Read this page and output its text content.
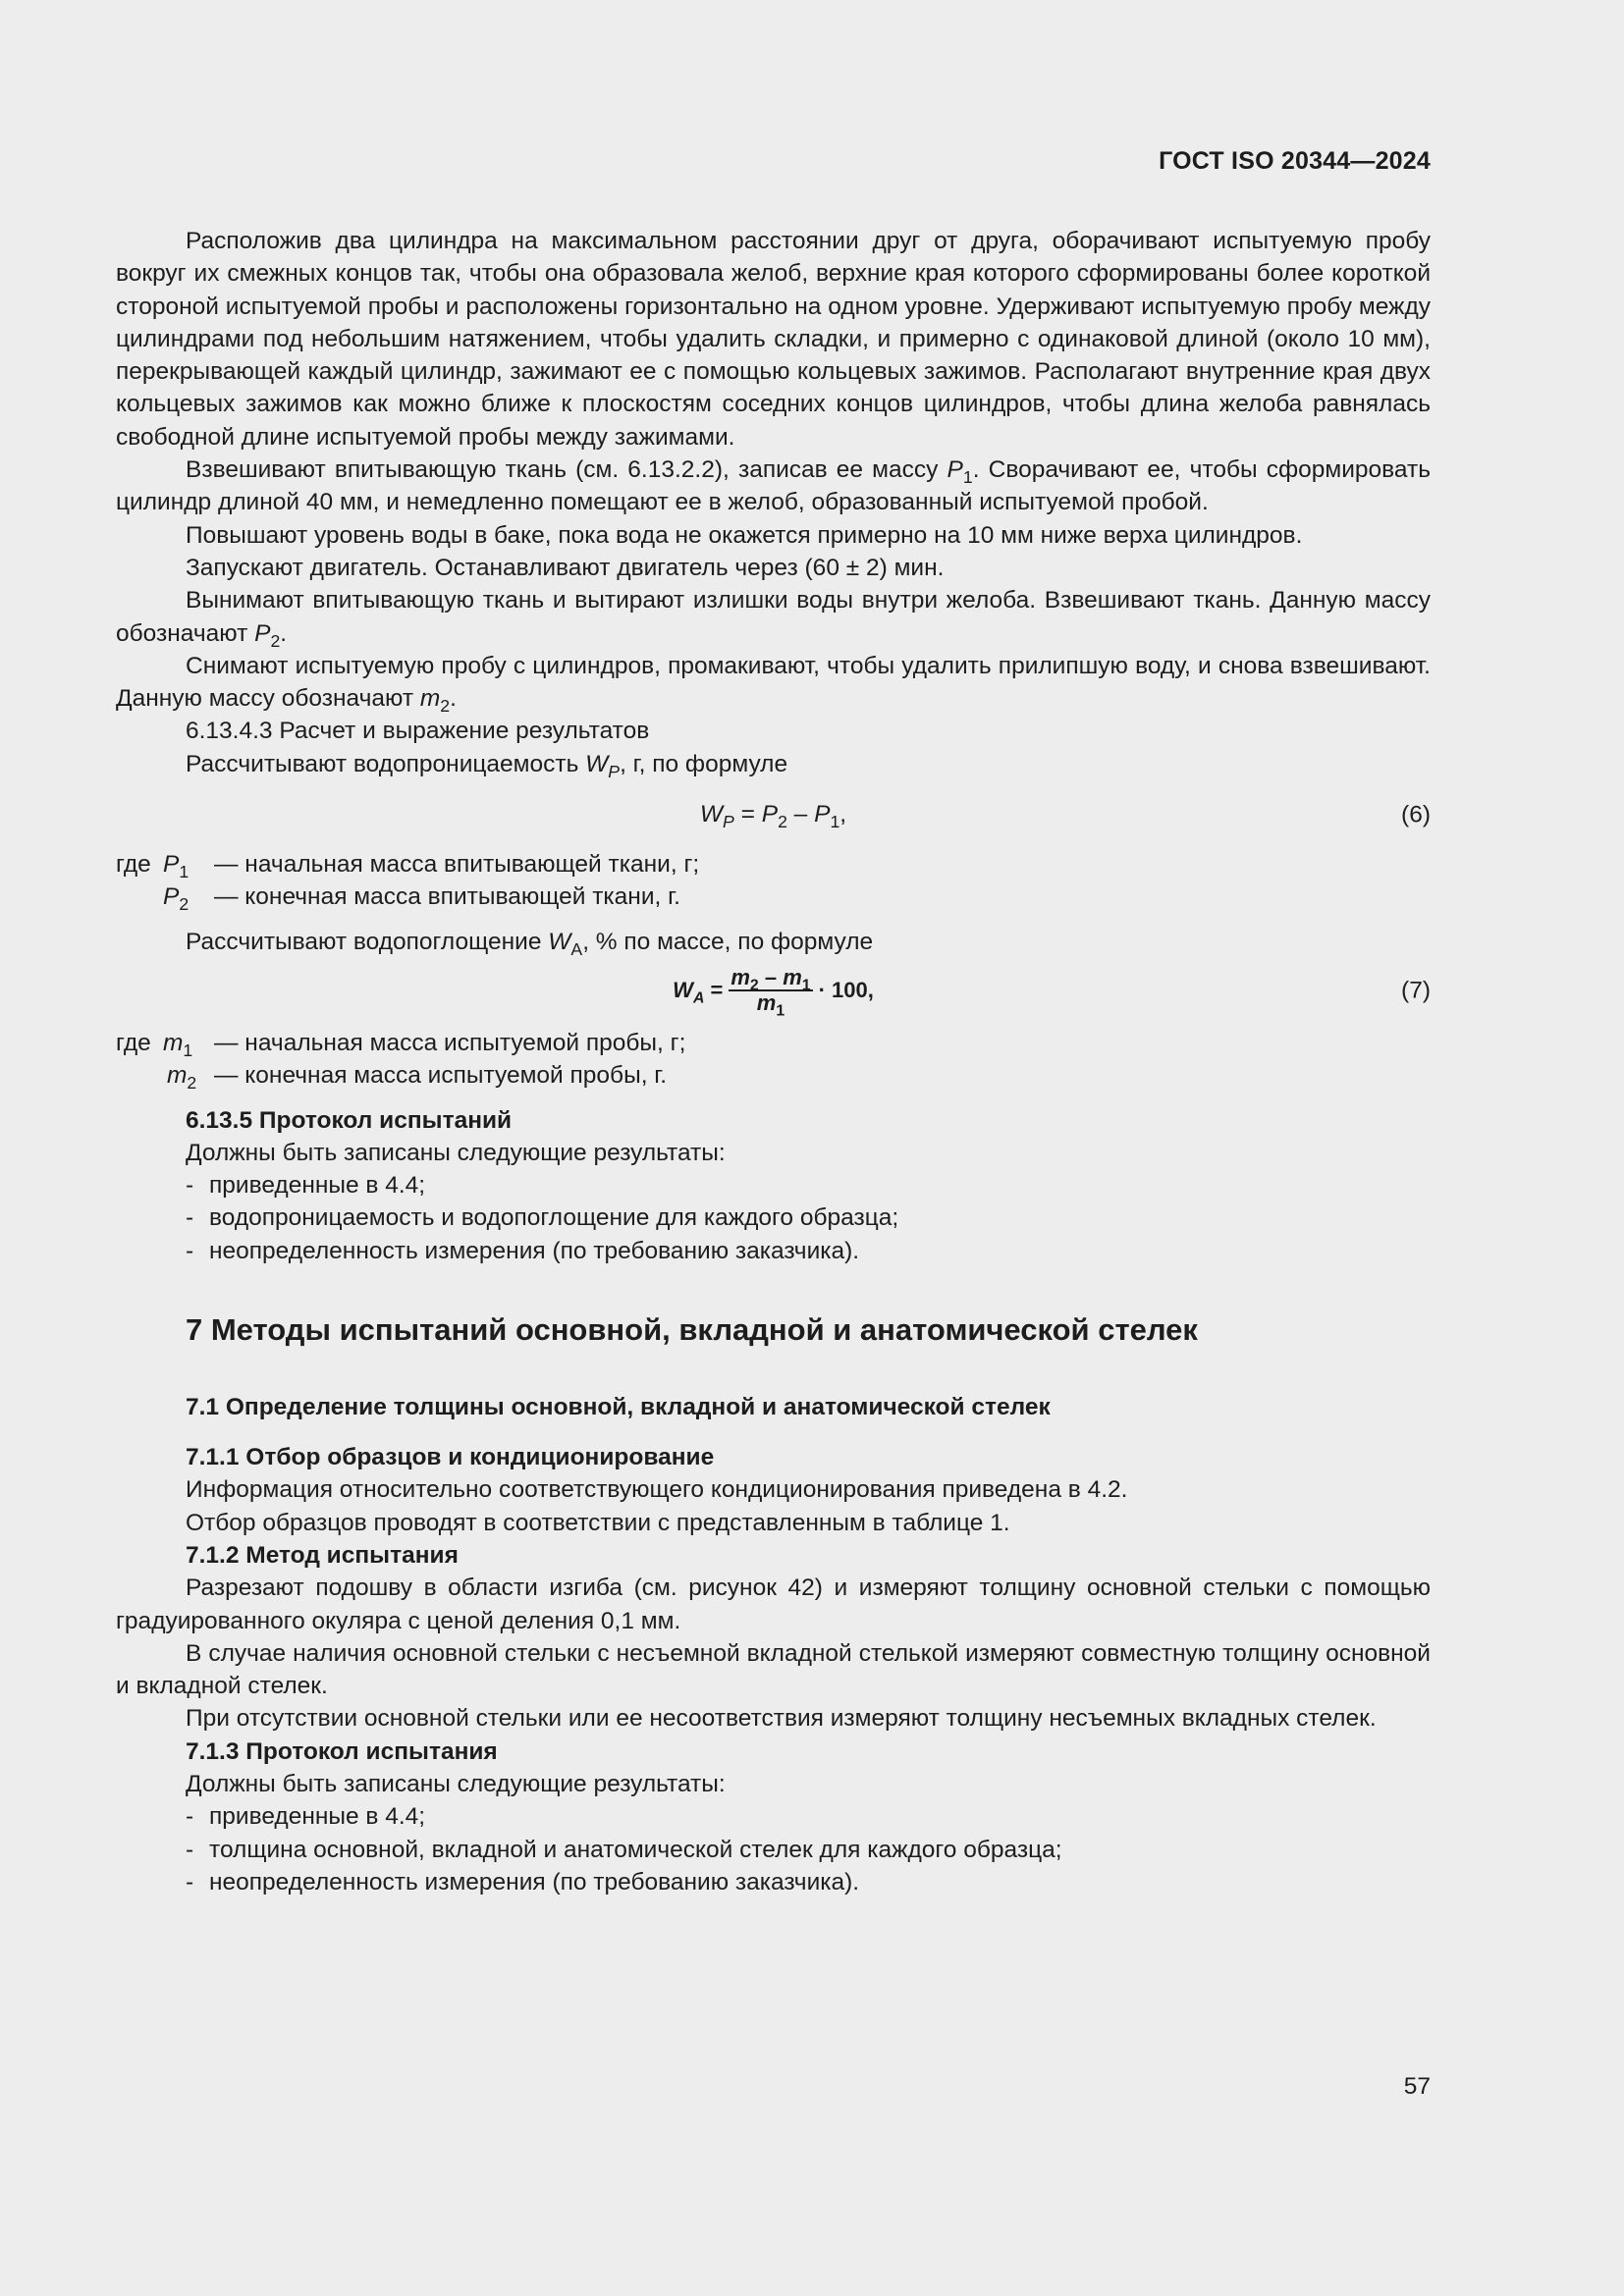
ГОСТ ISO 20344—2024

Расположив два цилиндра на максимальном расстоянии друг от друга, оборачивают испытуемую пробу вокруг их смежных концов так, чтобы она образовала желоб, верхние края которого сформированы более короткой стороной испытуемой пробы и расположены горизонтально на одном уровне. Удерживают испытуемую пробу между цилиндрами под небольшим натяжением, чтобы удалить складки, и примерно с одинаковой длиной (около 10 мм), перекрывающей каждый цилиндр, зажимают ее с помощью кольцевых зажимов. Располагают внутренние края двух кольцевых зажимов как можно ближе к плоскостям соседних концов цилиндров, чтобы длина желоба равнялась свободной длине испытуемой пробы между зажимами.

Взвешивают впитывающую ткань (см. 6.13.2.2), записав ее массу $P_1$. Сворачивают ее, чтобы сформировать цилиндр длиной 40 мм, и немедленно помещают ее в желоб, образованный испытуемой пробой.

Повышают уровень воды в баке, пока вода не окажется примерно на 10 мм ниже верха цилиндров.

Запускают двигатель. Останавливают двигатель через (60 ± 2) мин.

Вынимают впитывающую ткань и вытирают излишки воды внутри желоба. Взвешивают ткань. Данную массу обозначают $P_2$.

Снимают испытуемую пробу с цилиндров, промакивают, чтобы удалить прилипшую воду, и снова взвешивают. Данную массу обозначают $m_2$.

6.13.4.3 Расчет и выражение результатов

Рассчитывают водопроницаемость $W_P$, г, по формуле

$W_P = P_2 - P_1$,	(6)
где $P_1$	— начальная масса впитывающей ткани, г;
$P_2$	— конечная масса впитывающей ткани, г.

Рассчитывают водопоглощение $W_A$, % по массе, по формуле

$W_A = \frac{m_2 - m_1}{m_1} \cdot 100$,	(7)
где $m_1$ — начальная масса испытуемой пробы, г;
$m_2$ — конечная масса испытуемой пробы, г.

6.13.5 Протокол испытаний

Должны быть записаны следующие результаты:

- приведенные в 4.4;
- водопроницаемость и водопоглощение для каждого образца;
- неопределенность измерения (по требованию заказчика).
7 Методы испытаний основной, вкладной и анатомической стелек
7.1 Определение толщины основной, вкладной и анатомической стелек

7.1.1 Отбор образцов и кондиционирование

Информация относительно соответствующего кондиционирования приведена в 4.2.

Отбор образцов проводят в соответствии с представленным в таблице 1.

7.1.2 Метод испытания

Разрезают подошву в области изгиба (см. рисунок 42) и измеряют толщину основной стельки с помощью градуированного окуляра с ценой деления 0,1 мм.

В случае наличия основной стельки с несъемной вкладной стелькой измеряют совместную толщину основной и вкладной стелек.

При отсутствии основной стельки или ее несоответствия измеряют толщину несъемных вкладных стелек.

7.1.3 Протокол испытания

Должны быть записаны следующие результаты:

- приведенные в 4.4;
- толщина основной, вкладной и анатомической стелек для каждого образца;
- неопределенность измерения (по требованию заказчика).
57
